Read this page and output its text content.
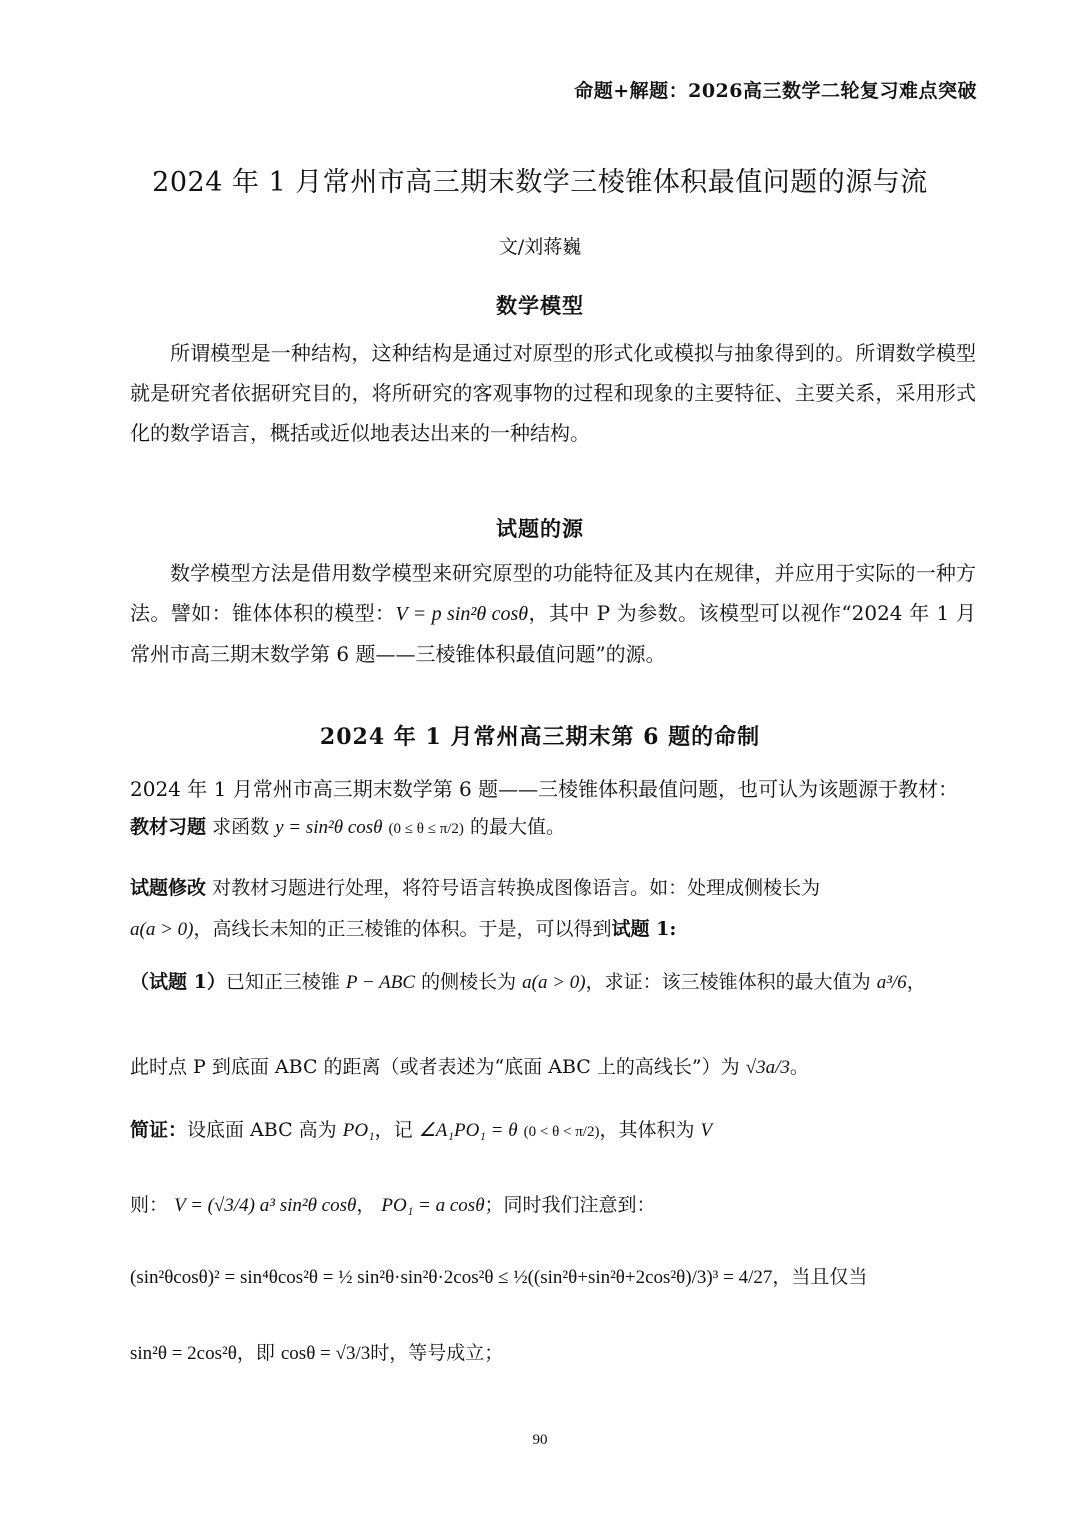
命题+解题：2026高三数学二轮复习难点突破
2024 年 1 月常州市高三期末数学三棱锥体积最值问题的源与流
文/刘蒋巍
数学模型
所谓模型是一种结构，这种结构是通过对原型的形式化或模拟与抽象得到的。所谓数学模型就是研究者依据研究目的，将所研究的客观事物的过程和现象的主要特征、主要关系，采用形式化的数学语言，概括或近似地表达出来的一种结构。
试题的源
数学模型方法是借用数学模型来研究原型的功能特征及其内在规律，并应用于实际的一种方法。譬如：锥体体积的模型：V = p sin²θ cosθ，其中 P 为参数。该模型可以视作“2024 年 1 月常州市高三期末数学第 6 题——三棱锥体积最值问题”的源。
2024 年 1 月常州高三期末第 6 题的命制
2024 年 1 月常州市高三期末数学第 6 题——三棱锥体积最值问题，也可认为该题源于教材：
教材习题 求函数 y = sin²θ cosθ (0 ≤ θ ≤ π/2) 的最大值。
试题修改 对教材习题进行处理，将符号语言转换成图像语言。如：处理成侧棱长为
a(a > 0)，高线长未知的正三棱锥的体积。于是，可以得到试题 1:
（试题 1）已知正三棱锥 P − ABC 的侧棱长为 a(a > 0)，求证：该三棱锥体积的最大值为 a³/6，
此时点 P 到底面 ABC 的距离（或者表述为“底面 ABC 上的高线长”）为 √3a/3。
简证：设底面 ABC 高为 PO₁，记 ∠A₁PO₁ = θ (0 < θ < π/2)，其体积为 V
则： V = (√3/4) a³ sin²θ cosθ， PO₁ = a cosθ；同时我们注意到：
(sin²θcosθ)² = sin⁴θcos²θ = ½ sin²θ·sin²θ·2cos²θ ≤ ½((sin²θ+sin²θ+2cos²θ)/3)³ = 4/27，当且仅当
sin²θ = 2cos²θ，即 cosθ = √3/3时，等号成立；
90
